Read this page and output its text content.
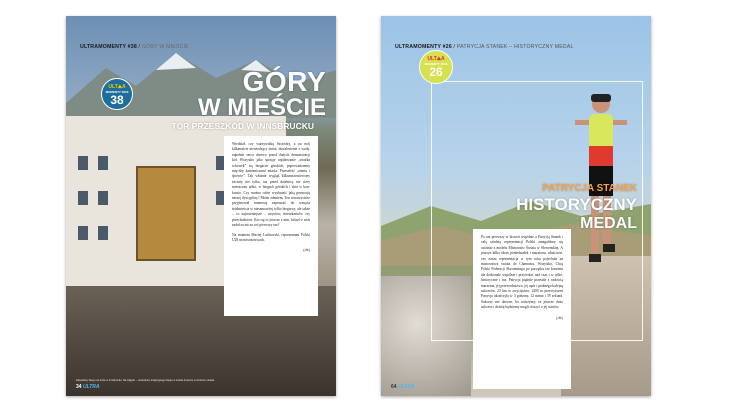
ULTRAMOMENTY #38 / GÓRY W MIEŚCIE
ULT⛰A
MOMENTY 2023
38
GÓRY
W MIEŚCIE
TOR PRZESZKÓD W INNSBRUCKU

Wiedział, czy warzywnikę Szczedzy, a na mój kilkanaście niewiedzący dzień, niezalesienie z wody, zupełnie sercu drzewo przed dużych demonstracji kół. Wszystko jako sprzęty rapidowanie „strażka schowek” się biegacze górskich, poprowadziemy mię-dzy kamieniczami miasta. Przeszłość „ośmiu i śpiewie”. Tak właśnie wygląd kilkunastowiercony żeczaty nie tylko, tuż przed dzielnicą nie ciery mieszczno tylko, w biegach górskich i skia w kon-kursie. Czy można sobie wyobrazić jaką promocję naszej dyscypliny? Moim zdaniem. Ten towarzystwie przyjmował rozmowę zapraszać do wzięcia śródmieścia w niesamowitej tylko biegaczy, ale także – co najważniejsze – turystów, mieszkańców czy przechodniów. Kto się to jeszcze z nim, któryś z nich zadał za też za coś pierwszy raz?

Na moment Maciej Lachowski, reprezentant Polski U28 na mistrzostwach.

(dk)
Zawodnicy biegu na torze w Innsbrucku. Na zdjęciu – uczestnicy tradycyjnego biegu w czasie imprezy w centrum miasta.
34 ULTRA
ULTRAMOMENTY #26 / PATRYCJA STANEK – HISTORYCZNY MEDAL
ULT⛰A
MOMENTY 2023
26
PATRYCJA STANEK
HISTORYCZNY
MEDAL

Po raz pierwszy w historii wspólnie z Patrycją Stanek i całą sztafetą reprezentacji Polski zmagaliśmy się ostatnio z modelu Mistrzostw Świata w Słoweńskiej. A jeszcze kilka okres poniedziałek i maratonu, właściwie, czy nasza reprezentacja w tym roku pojechała na mistrzostwa świata do Chamonix. Wszystko, Chcę Polski Federacji Skyrunningu po początku raz kosztem ale doskonale wspólnie i przywołać nad czas i w tylko, historyczne i raz. Patrycja pięknie przeszła z radością marzenia, jej przewodnictwo, jej upór i pieknego kolejną sukcesów. 23 km to zwycięstwo, 2200 m przewyższeń Patrycja ukończyła w 3 godziny, 12 minut i 59 sekund. Sukcesy nie dziwne, bo wierzymy, że jeszcze dużo sukcesu i dzisiaj będziemy mogli cieszyć z jej startów.

(dk)
64 ULTRA
